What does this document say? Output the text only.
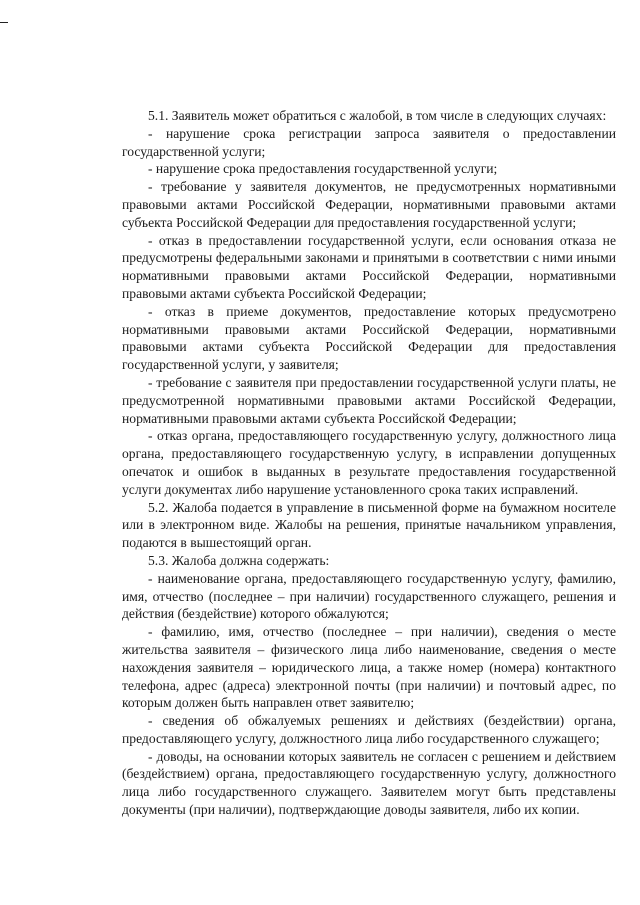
5.1. Заявитель может обратиться с жалобой, в том числе в следующих случаях:

- нарушение срока регистрации запроса заявителя о предоставлении государственной услуги;

- нарушение срока предоставления государственной услуги;

- требование у заявителя документов, не предусмотренных нормативными правовыми актами Российской Федерации, нормативными правовыми актами субъекта Российской Федерации для предоставления государственной услуги;

- отказ в предоставлении государственной услуги, если основания отказа не предусмотрены федеральными законами и принятыми в соответствии с ними иными нормативными правовыми актами Российской Федерации, нормативными правовыми актами субъекта Российской Федерации;

- отказ в приеме документов, предоставление которых предусмотрено нормативными правовыми актами Российской Федерации, нормативными правовыми актами субъекта Российской Федерации для предоставления государственной услуги, у заявителя;

- требование с заявителя при предоставлении государственной услуги платы, не предусмотренной нормативными правовыми актами Российской Федерации, нормативными правовыми актами субъекта Российской Федерации;

- отказ органа, предоставляющего государственную услугу, должностного лица органа, предоставляющего государственную услугу, в исправлении допущенных опечаток и ошибок в выданных в результате предоставления государственной услуги документах либо нарушение установленного срока таких исправлений.

5.2. Жалоба подается в управление в письменной форме на бумажном носителе или в электронном виде. Жалобы на решения, принятые начальником управления, подаются в вышестоящий орган.

5.3. Жалоба должна содержать:

- наименование органа, предоставляющего государственную услугу, фамилию, имя, отчество (последнее – при наличии) государственного служащего, решения и действия (бездействие) которого обжалуются;

- фамилию, имя, отчество (последнее – при наличии), сведения о месте жительства заявителя – физического лица либо наименование, сведения о месте нахождения заявителя – юридического лица, а также номер (номера) контактного телефона, адрес (адреса) электронной почты (при наличии) и почтовый адрес, по которым должен быть направлен ответ заявителю;

- сведения об обжалуемых решениях и действиях (бездействии) органа, предоставляющего услугу, должностного лица либо государственного служащего;

- доводы, на основании которых заявитель не согласен с решением и действием (бездействием) органа, предоставляющего государственную услугу, должностного лица либо государственного служащего. Заявителем могут быть представлены документы (при наличии), подтверждающие доводы заявителя, либо их копии.
